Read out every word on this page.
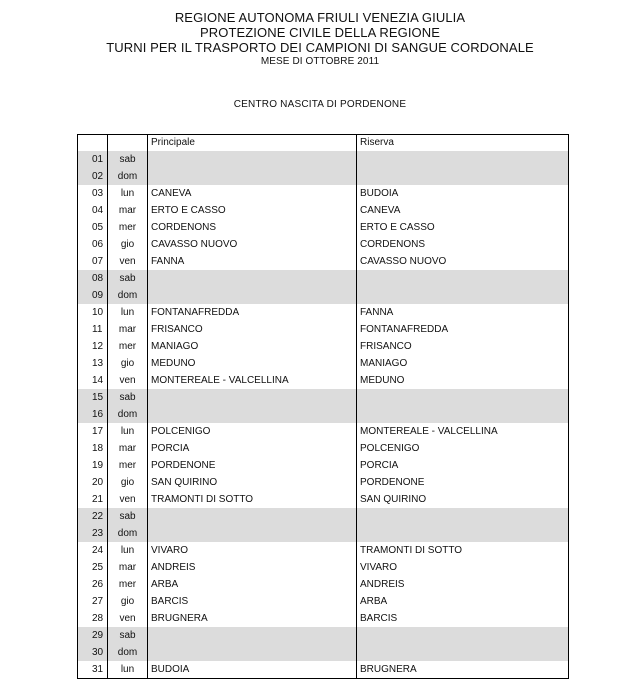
REGIONE AUTONOMA FRIULI VENEZIA GIULIA
PROTEZIONE CIVILE DELLA REGIONE
TURNI PER IL TRASPORTO DEI CAMPIONI DI SANGUE CORDONALE
MESE DI OTTOBRE 2011
CENTRO NASCITA DI PORDENONE
		Principale	Riserva
01	sab		
02	dom		
03	lun	CANEVA	BUDOIA
04	mar	ERTO E CASSO	CANEVA
05	mer	CORDENONS	ERTO E CASSO
06	gio	CAVASSO NUOVO	CORDENONS
07	ven	FANNA	CAVASSO NUOVO
08	sab		
09	dom		
10	lun	FONTANAFREDDA	FANNA
11	mar	FRISANCO	FONTANAFREDDA
12	mer	MANIAGO	FRISANCO
13	gio	MEDUNO	MANIAGO
14	ven	MONTEREALE - VALCELLINA	MEDUNO
15	sab		
16	dom		
17	lun	POLCENIGO	MONTEREALE - VALCELLINA
18	mar	PORCIA	POLCENIGO
19	mer	PORDENONE	PORCIA
20	gio	SAN QUIRINO	PORDENONE
21	ven	TRAMONTI DI SOTTO	SAN QUIRINO
22	sab		
23	dom		
24	lun	VIVARO	TRAMONTI DI SOTTO
25	mar	ANDREIS	VIVARO
26	mer	ARBA	ANDREIS
27	gio	BARCIS	ARBA
28	ven	BRUGNERA	BARCIS
29	sab		
30	dom		
31	lun	BUDOIA	BRUGNERA
